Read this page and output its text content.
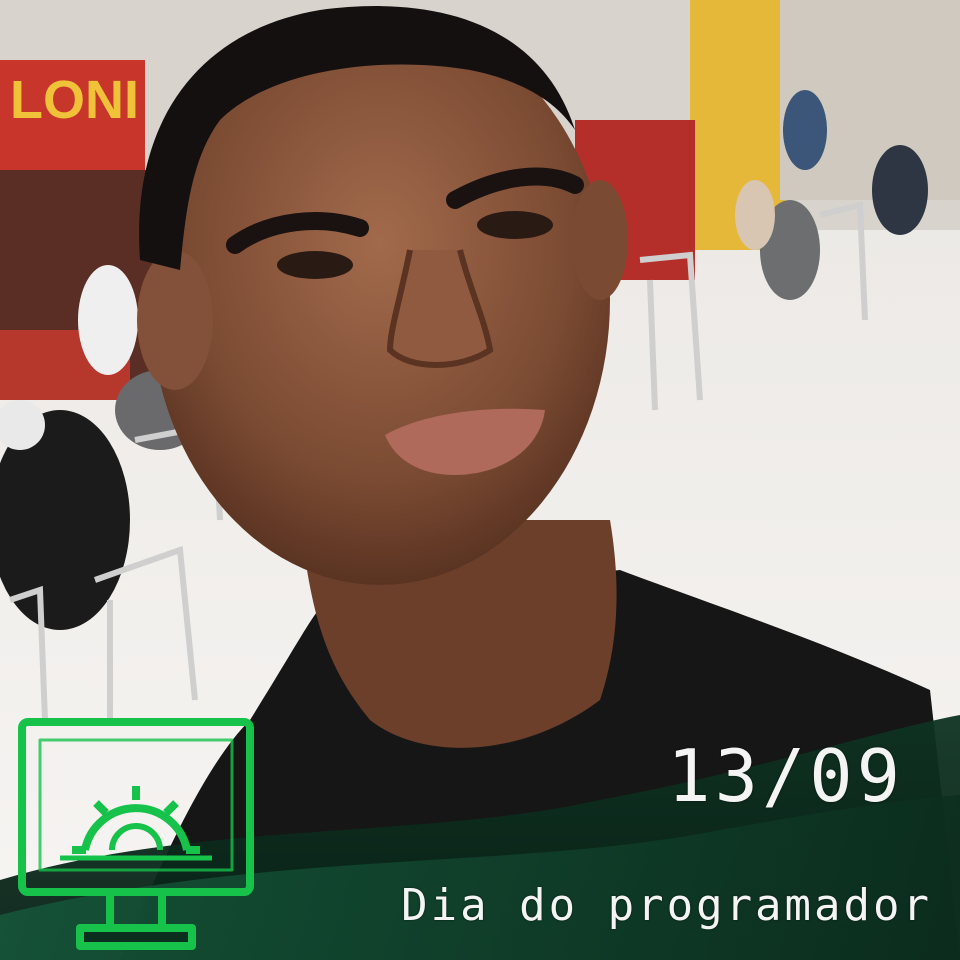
LONI
13/09
Dia do programador
